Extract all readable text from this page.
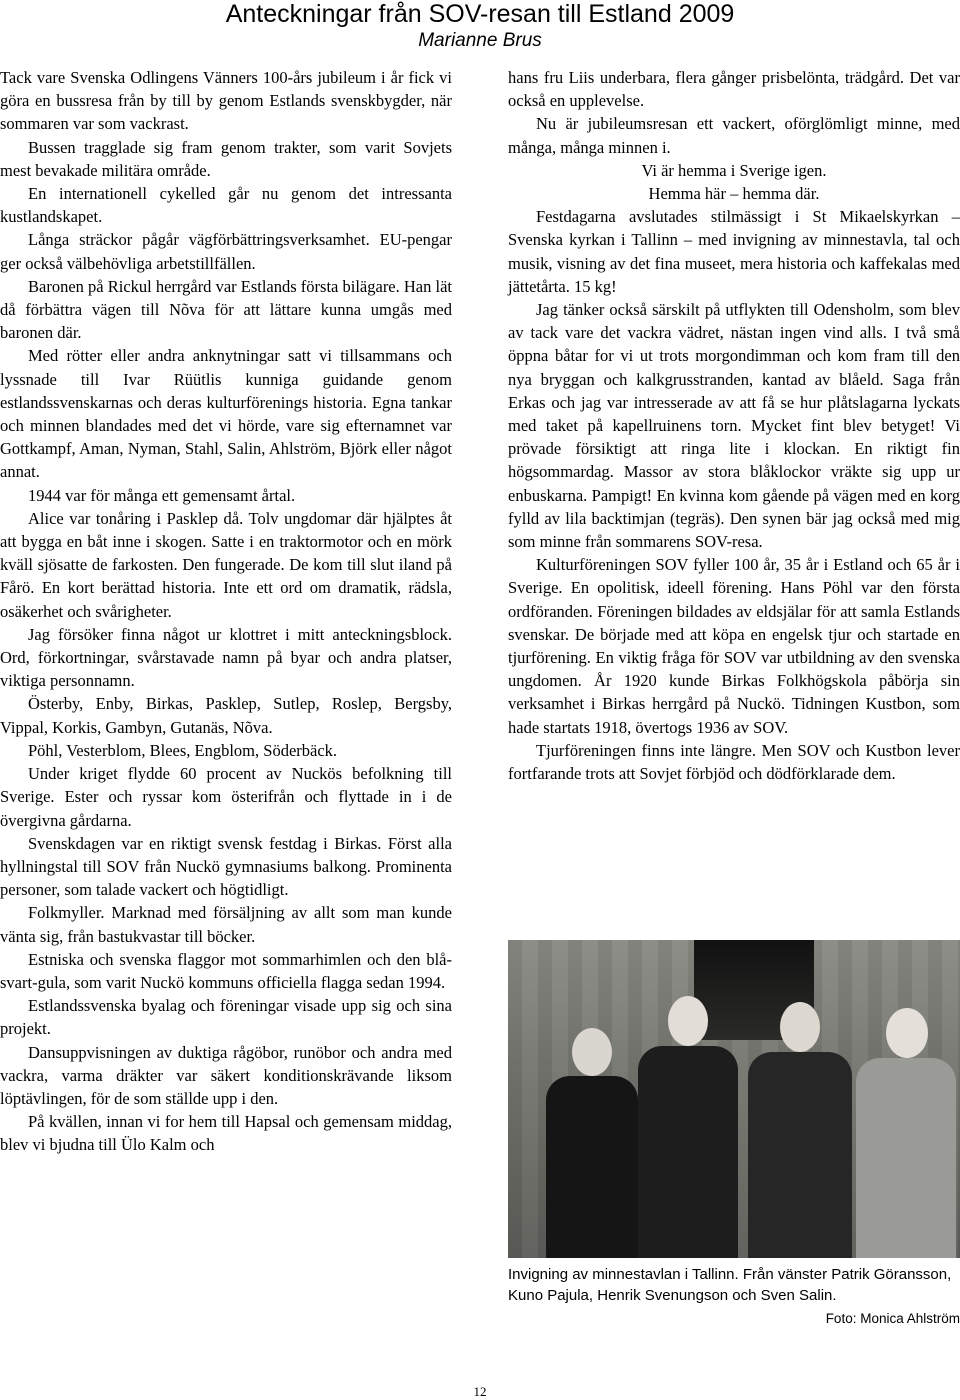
Anteckningar från SOV-resan till Estland 2009
Marianne Brus

Tack vare Svenska Odlingens Vänners 100-års jubileum i år fick vi göra en bussresa från by till by genom Estlands svenskbygder, när sommaren var som vackrast.

Bussen tragglade sig fram genom trakter, som varit Sovjets mest bevakade militära område.

En internationell cykelled går nu genom det intressanta kustlandskapet.

Långa sträckor pågår vägförbättringsverksamhet. EU-pengar ger också välbehövliga arbetstillfällen.

Baronen på Rickul herrgård var Estlands första bilägare. Han lät då förbättra vägen till Nõva för att lättare kunna umgås med baronen där.

Med rötter eller andra anknytningar satt vi tillsammans och lyssnade till Ivar Rüütlis kunniga guidande genom estlandssvenskarnas och deras kulturförenings historia. Egna tankar och minnen blandades med det vi hörde, vare sig efternamnet var Gottkampf, Aman, Nyman, Stahl, Salin, Ahlström, Björk eller något annat.

1944 var för många ett gemensamt årtal.

Alice var tonåring i Pasklep då. Tolv ungdomar där hjälptes åt att bygga en båt inne i skogen. Satte i en traktormotor och en mörk kväll sjösatte de farkosten. Den fungerade. De kom till slut iland på Fårö. En kort berättad historia. Inte ett ord om dramatik, rädsla, osäkerhet och svårigheter.

Jag försöker finna något ur klottret i mitt anteckningsblock. Ord, förkortningar, svårstavade namn på byar och andra platser, viktiga personnamn.

Österby, Enby, Birkas, Pasklep, Sutlep, Roslep, Bergsby, Vippal, Korkis, Gambyn, Gutanäs, Nõva.

Pöhl, Vesterblom, Blees, Engblom, Söderbäck.

Under kriget flydde 60 procent av Nuckös befolkning till Sverige. Ester och ryssar kom österifrån och flyttade in i de övergivna gårdarna.

Svenskdagen var en riktigt svensk festdag i Birkas. Först alla hyllningstal till SOV från Nuckö gymnasiums balkong. Prominenta personer, som talade vackert och högtidligt.

Folkmyller. Marknad med försäljning av allt som man kunde vänta sig, från bastukvastar till böcker.

Estniska och svenska flaggor mot sommarhimlen och den blå-svart-gula, som varit Nuckö kommuns officiella flagga sedan 1994.

Estlandssvenska byalag och föreningar visade upp sig och sina projekt.

Dansuppvisningen av duktiga rågöbor, runöbor och andra med vackra, varma dräkter var säkert konditionskrävande liksom löptävlingen, för de som ställde upp i den.

På kvällen, innan vi for hem till Hapsal och gemensam middag, blev vi bjudna till Ülo Kalm och

hans fru Liis underbara, flera gånger prisbelönta, trädgård. Det var också en upplevelse.

Nu är jubileumsresan ett vackert, oförglömligt minne, med många, många minnen i.

Vi är hemma i Sverige igen.

Hemma här – hemma där.

Festdagarna avslutades stilmässigt i St Mikaelskyrkan – Svenska kyrkan i Tallinn – med invigning av minnestavla, tal och musik, visning av det fina museet, mera historia och kaffekalas med jättetårta. 15 kg!

Jag tänker också särskilt på utflykten till Odensholm, som blev av tack vare det vackra vädret, nästan ingen vind alls. I två små öppna båtar for vi ut trots morgondimman och kom fram till den nya bryggan och kalkgrusstranden, kantad av blåeld. Saga från Erkas och jag var intresserade av att få se hur plåtslagarna lyckats med taket på kapellruinens torn. Mycket fint blev betyget! Vi prövade försiktigt att ringa lite i klockan. En riktigt fin högsommardag. Massor av stora blåklockor vräkte sig upp ur enbuskarna. Pampigt! En kvinna kom gående på vägen med en korg fylld av lila backtimjan (tegräs). Den synen bär jag också med mig som minne från sommarens SOV-resa.

Kulturföreningen SOV fyller 100 år, 35 år i Estland och 65 år i Sverige. En opolitisk, ideell förening. Hans Pöhl var den första ordföranden. Föreningen bildades av eldsjälar för att samla Estlands svenskar. De började med att köpa en engelsk tjur och startade en tjurförening. En viktig fråga för SOV var utbildning av den svenska ungdomen. År 1920 kunde Birkas Folkhögskola påbörja sin verksamhet i Birkas herrgård på Nuckö. Tidningen Kustbon, som hade startats 1918, övertogs 1936 av SOV.

Tjurföreningen finns inte längre. Men SOV och Kustbon lever fortfarande trots att Sovjet förbjöd och dödförklarade dem.

Invigning av minnestavlan i Tallinn. Från vänster Patrik Göransson, Kuno Pajula, Henrik Svenungson och Sven Salin.
Foto: Monica Ahlström
12
